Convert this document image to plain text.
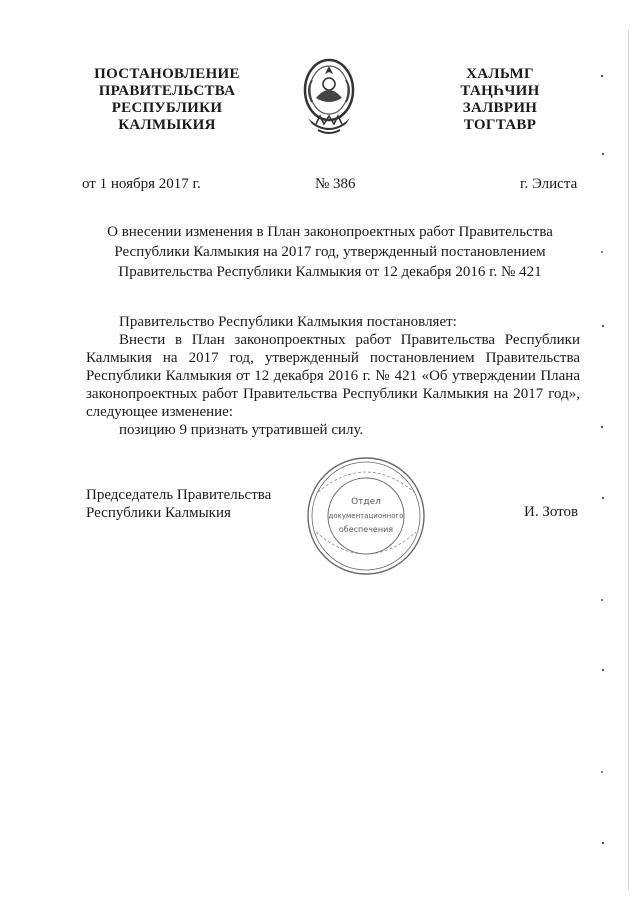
ПОСТАНОВЛЕНИЕ
ПРАВИТЕЛЬСТВА
РЕСПУБЛИКИ
КАЛМЫКИЯ
ХАЛЬМГ
ТАҢҺЧИН
ЗАЛВРИН
ТОГТАВР
от 1 ноября 2017 г.	№ 386	г. Элиста
О внесении изменения в План законопроектных работ Правительства
Республики Калмыкия на 2017 год, утвержденный постановлением
Правительства Республики Калмыкия от 12 декабря 2016 г. № 421
Правительство Республики Калмыкия постановляет:
Внести в План законопроектных работ Правительства Республики Калмыкия на 2017 год, утвержденный постановлением Правительства Республики Калмыкия от 12 декабря 2016 г. № 421 «Об утверждении Плана законопроектных работ Правительства Республики Калмыкия на 2017 год», следующее изменение:
позицию 9 признать утратившей силу.
Отдел
документационного
обеспечения
Председатель Правительства
Республики Калмыкия	И. Зотов
